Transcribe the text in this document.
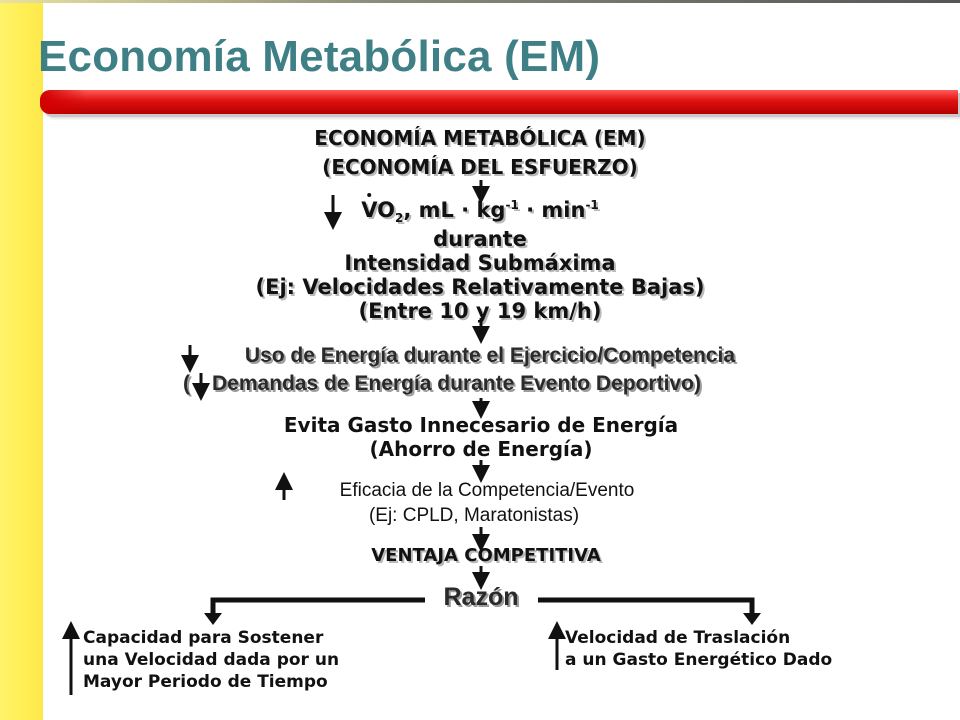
Economía Metabólica (EM)
ECONOMÍA METABÓLICA (EM)
(ECONOMÍA DEL ESFUERZO)
$VO_2$, mL · $kg^{-1} \cdot \min^{-1}$
durante
Intensidad Submáxima
(Ej: Velocidades Relativamente Bajas)
(Entre 10 y 19 km/h)
Uso de Energía durante el Ejercicio/Competencia
( Demandas de Energía durante Evento Deportivo)
Evita Gasto Innecesario de Energía
(Ahorro de Energía)
Eficacia de la Competencia/Evento
(Ej: CPLD, Maratonistas)
VENTAJA COMPETITIVA
Razón
Capacidad para Sostener
una Velocidad dada por un
Mayor Periodo de Tiempo
Velocidad de Traslación
a un Gasto Energético Dado
